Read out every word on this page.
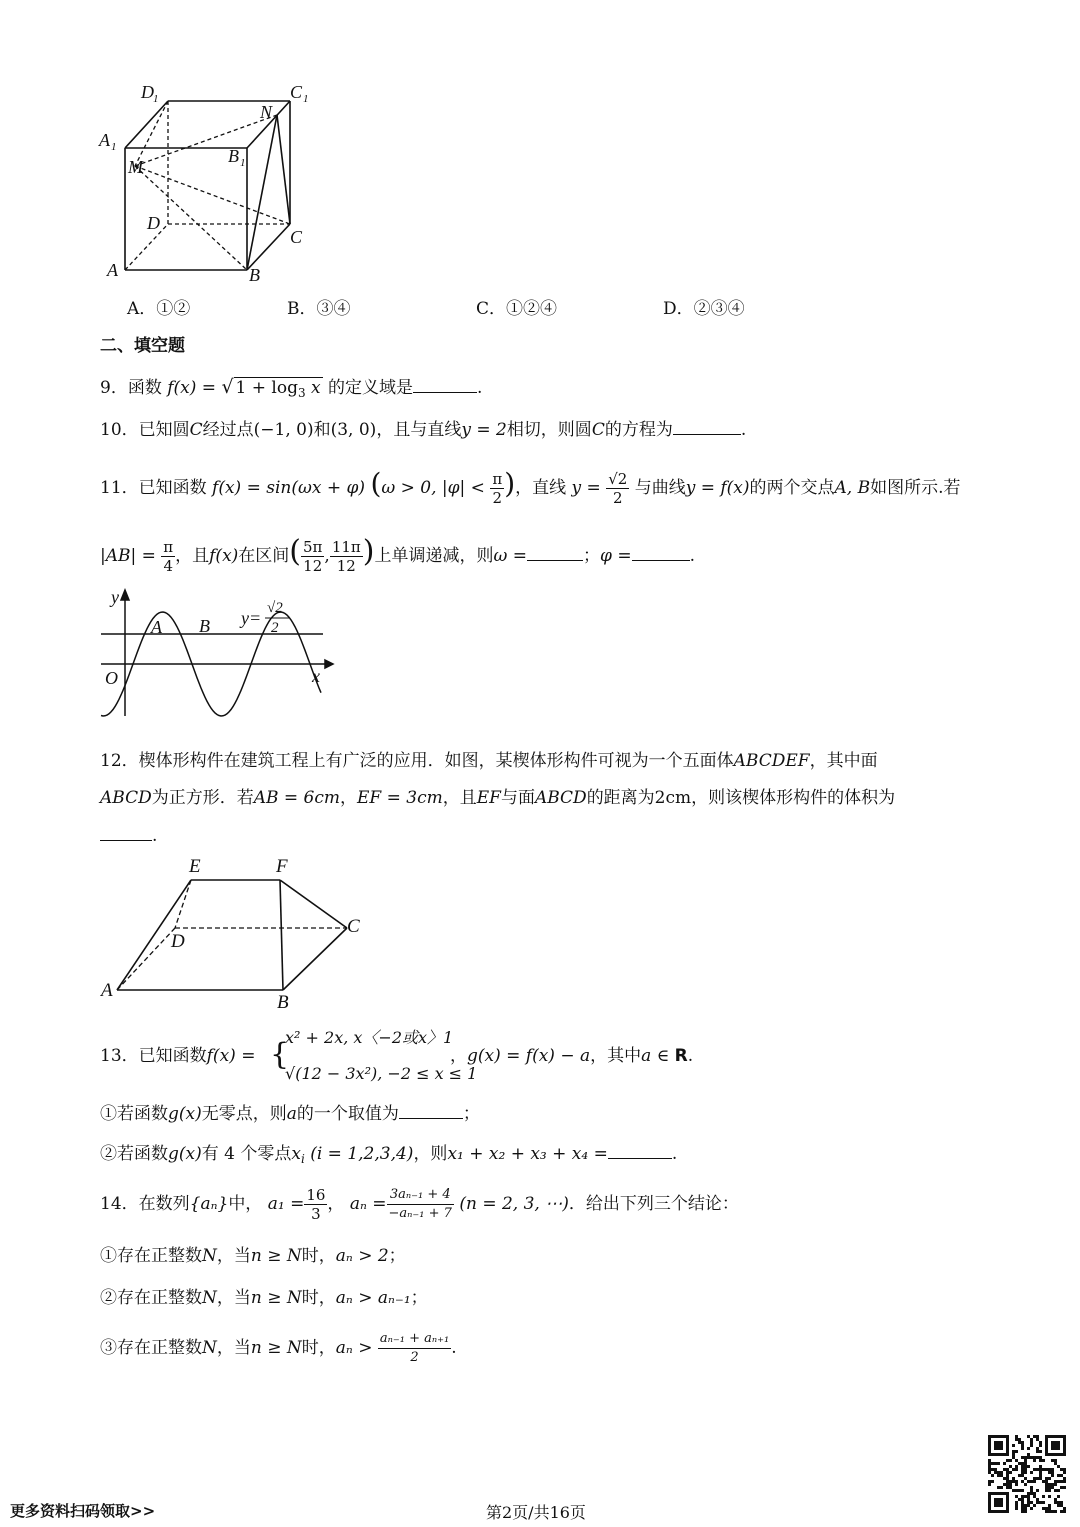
D 1	C 1
A 1
N
B 1
M
D
C
A	B
A．①②	B．③④	C．①②④	D．②③④
二、填空题
9．函数 f(x) = √ $1 + \log_3 x$ 的定义域是	.
10．已知圆C经过点(−1, 0)和(3, 0)，且与直线y = 2相切，则圆C的方程为	.
11．已知函数 f(x) = sin(ωx + φ) (ω > 0, $|\varphi| < \frac{\pi}{2}$ )，直线 $y = \frac{√2}{2}$ 与曲线y = f(x)的两个交点A, B如图所示.若
$|AB| = \frac{\pi}{4}$ ，且f(x)在区间( $\frac{5\pi}{12}$ , $\frac{11\pi}{12}$ )上单调递减，则ω =	；φ =	.
y
x
O
A B y= √2
2
12．楔体形构件在建筑工程上有广泛的应用．如图，某楔体形构件可视为一个五面体ABCDEF，其中面
ABCD为正方形．若AB = 6cm，EF = 3cm，且EF与面ABCD的距离为2cm，则该楔体形构件的体积为
.
E	F
C
D
A
B
13．已知函数f(x) = {
x² + 2x, x〈−2或x〉1
√(12 − 3x²), −2 ≤ x ≤ 1
，g(x) = f(x) − a，其中a ∈ R.
①若函数g(x)无零点，则a的一个取值为	；
②若函数g(x)有 4 个零点$x_i$ (i = 1,2,3,4)，则x₁ + x₂ + x₃ + x₄ =	.
14．在数列{aₙ}中， $a_1 = \frac{16}{3}$ ， $a_n = \frac{\text{3aₙ₋₁ + 4}}{\text{−aₙ₋₁ + 7}} (n = 2$, 3, ⋯)．给出下列三个结论：
①存在正整数N，当n ≥ N时，aₙ > 2；
②存在正整数N，当n ≥ N时，aₙ > aₙ₋₁；
③存在正整数N，当n ≥ N时，$a_n > \frac{\text{aₙ₋₁ + aₙ₊₁}}{2}$ .
更多资料扫码领取>>	第2页/共16页
